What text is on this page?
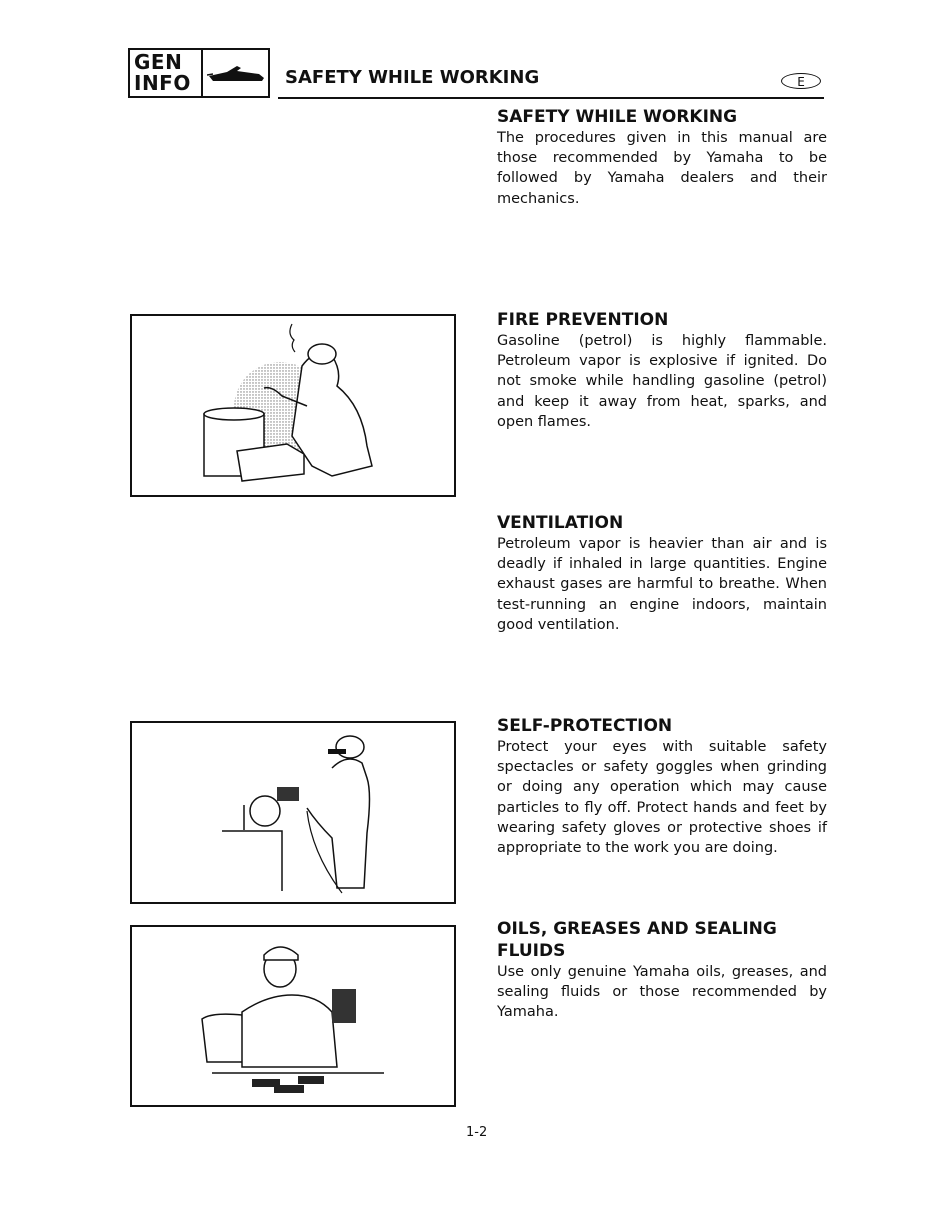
GEN
INFO	SAFETY WHILE WORKING	E
SAFETY WHILE WORKING

The procedures given in this manual are those recommended by Yamaha to be followed by Yamaha dealers and their mechanics.

FIRE PREVENTION

Gasoline (petrol) is highly flammable. Petroleum vapor is explosive if ignited. Do not smoke while handling gasoline (petrol) and keep it away from heat, sparks, and open flames.

VENTILATION

Petroleum vapor is heavier than air and is deadly if inhaled in large quantities. Engine exhaust gases are harmful to breathe. When test-running an engine indoors, maintain good ventilation.

SELF-PROTECTION

Protect your eyes with suitable safety spectacles or safety goggles when grinding or doing any operation which may cause particles to fly off. Protect hands and feet by wearing safety gloves or protective shoes if appropriate to the work you are doing.

OILS, GREASES AND SEALING FLUIDS

Use only genuine Yamaha oils, greases, and sealing fluids or those recommended by Yamaha.

1-2
